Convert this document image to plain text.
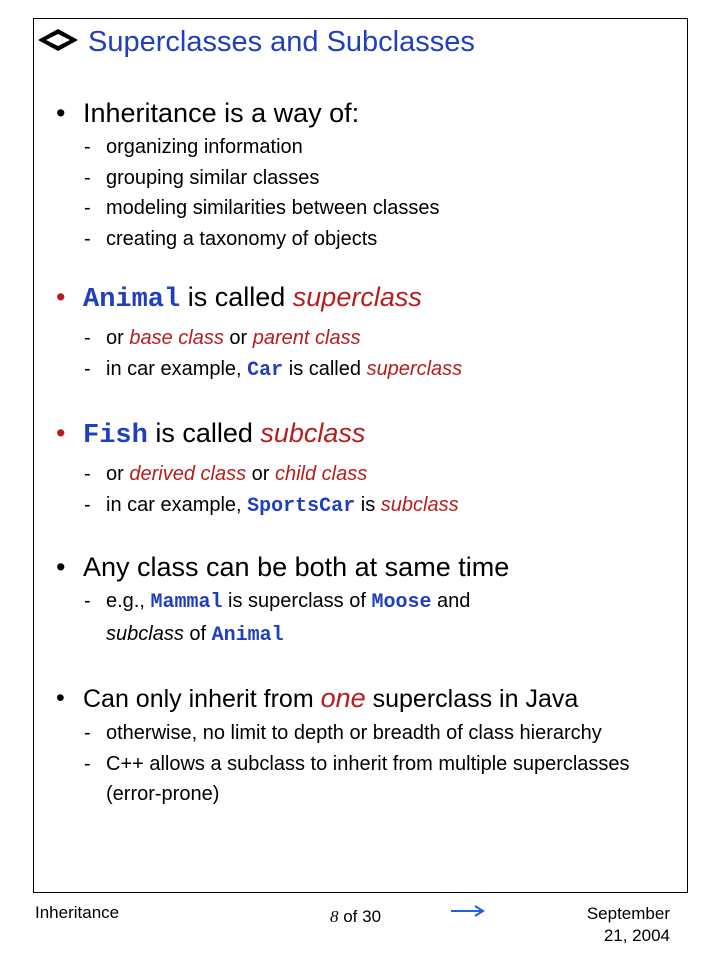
Superclasses and Subclasses
• Inheritance is a way of:
- organizing information
- grouping similar classes
- modeling similarities between classes
- creating a taxonomy of objects
• Animal is called superclass
- or base class or parent class
- in car example, Car is called superclass
• Fish is called subclass
- or derived class or child class
- in car example, SportsCar is subclass
• Any class can be both at same time
- e.g., Mammal is superclass of Moose and
subclass of Animal
• Can only inherit from one superclass in Java
- otherwise, no limit to depth or breadth of class hierarchy
- C++ allows a subclass to inherit from multiple superclasses (error-prone)
Inheritance	8 of 30	September 21, 2004
